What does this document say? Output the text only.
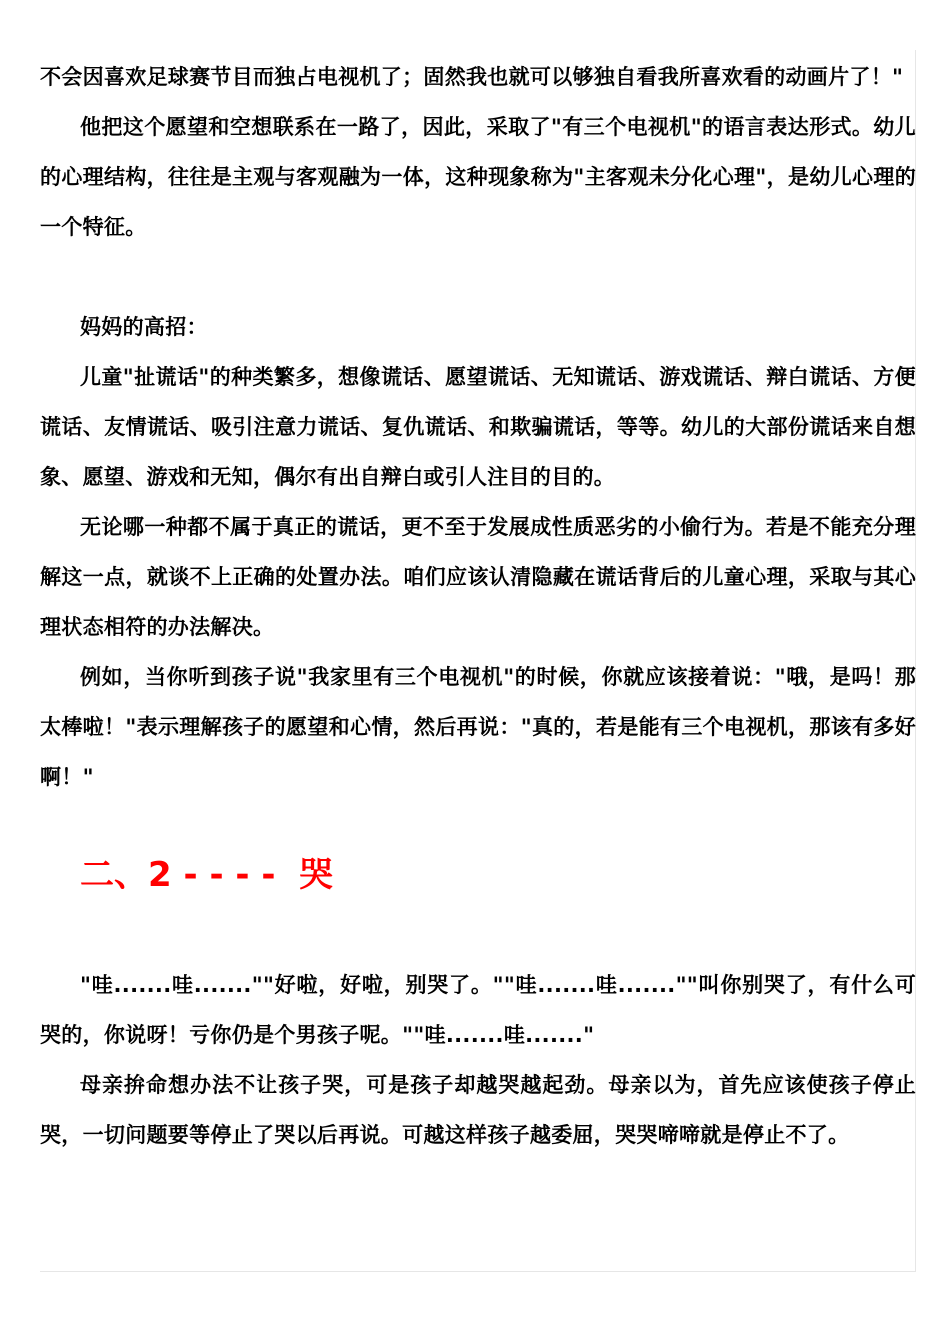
不会因喜欢足球赛节目而独占电视机了；固然我也就可以够独自看我所喜欢看的动画片了！"

他把这个愿望和空想联系在一路了，因此，采取了"有三个电视机"的语言表达形式。幼儿的心理结构，往往是主观与客观融为一体，这种现象称为"主客观未分化心理"，是幼儿心理的一个特征。

妈妈的高招：

儿童"扯谎话"的种类繁多，想像谎话、愿望谎话、无知谎话、游戏谎话、辩白谎话、方便谎话、友情谎话、吸引注意力谎话、复仇谎话、和欺骗谎话，等等。幼儿的大部份谎话来自想象、愿望、游戏和无知，偶尔有出自辩白或引人注目的目的。

无论哪一种都不属于真正的谎话，更不至于发展成性质恶劣的小偷行为。若是不能充分理解这一点，就谈不上正确的处置办法。咱们应该认清隐藏在谎话背后的儿童心理，采取与其心理状态相符的办法解决。

例如，当你听到孩子说"我家里有三个电视机"的时候，你就应该接着说："哦，是吗！那太棒啦！"表示理解孩子的愿望和心情，然后再说："真的，若是能有三个电视机，那该有多好啊！"

二、2 - - - -  哭

"哇.......哇.......""好啦，好啦，别哭了。""哇.......哇.......""叫你别哭了，有什么可哭的，你说呀！亏你仍是个男孩子呢。""哇.......哇......."

母亲拚命想办法不让孩子哭，可是孩子却越哭越起劲。母亲以为，首先应该使孩子停止哭，一切问题要等停止了哭以后再说。可越这样孩子越委屈，哭哭啼啼就是停止不了。
